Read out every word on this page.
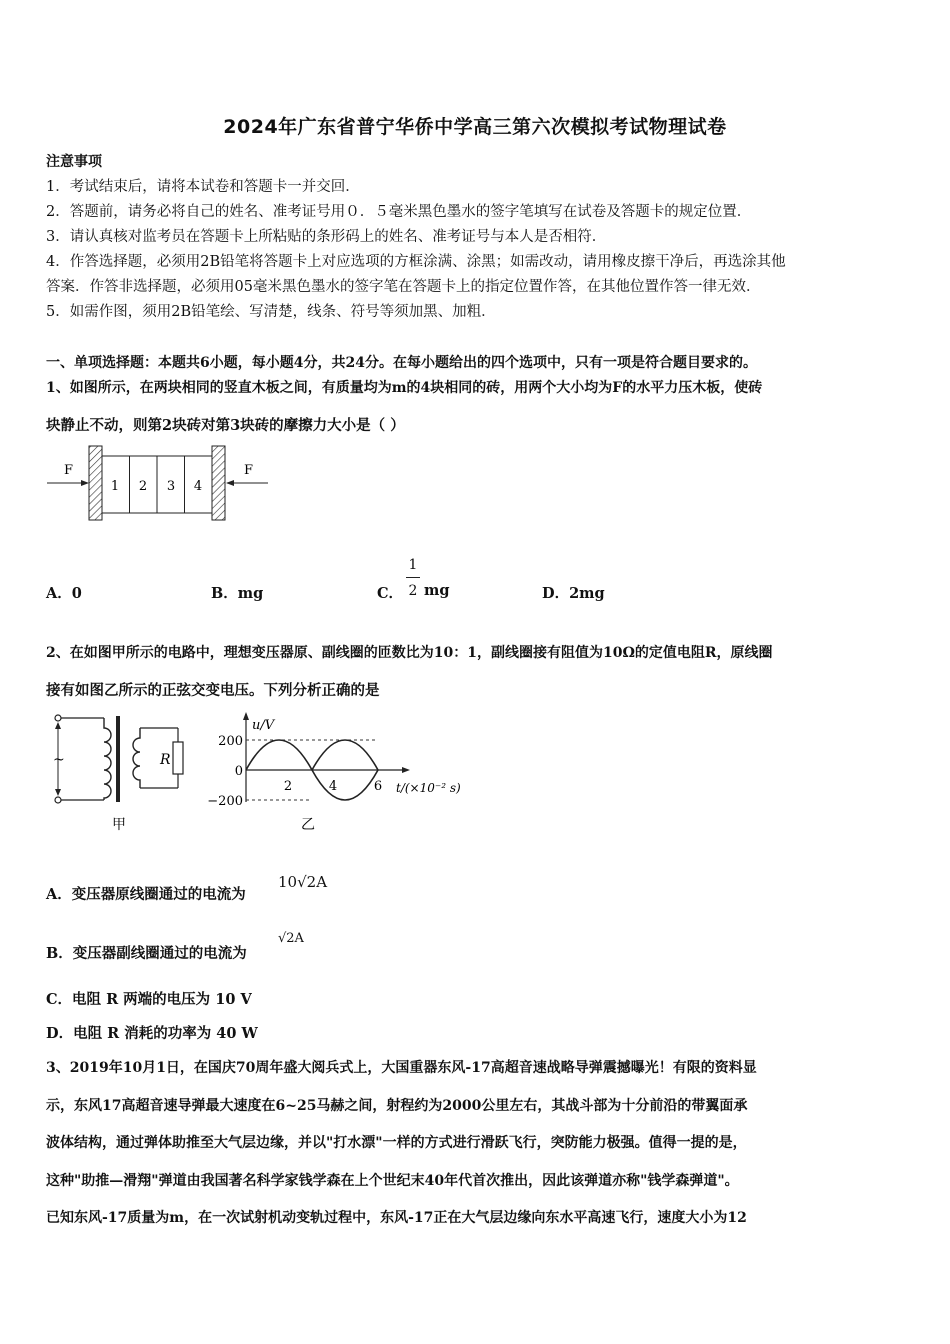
2024年广东省普宁华侨中学高三第六次模拟考试物理试卷
注意事项
1．考试结束后，请将本试卷和答题卡一并交回．
2．答题前，请务必将自己的姓名、准考证号用０．５毫米黑色墨水的签字笔填写在试卷及答题卡的规定位置．
3．请认真核对监考员在答题卡上所粘贴的条形码上的姓名、准考证号与本人是否相符．
4．作答选择题，必须用2B铅笔将答题卡上对应选项的方框涂满、涂黑；如需改动，请用橡皮擦干净后，再选涂其他
答案．作答非选择题，必须用05毫米黑色墨水的签字笔在答题卡上的指定位置作答，在其他位置作答一律无效．
5．如需作图，须用2B铅笔绘、写清楚，线条、符号等须加黑、加粗．
一、单项选择题：本题共6小题，每小题4分，共24分。在每小题给出的四个选项中，只有一项是符合题目要求的。
1、如图所示，在两块相同的竖直木板之间，有质量均为m的4块相同的砖，用两个大小均为F的水平力压木板，使砖
块静止不动，则第2块砖对第3块砖的摩擦力大小是（ ）
1 2 3 4
F	F
A．0	B．mg	C．
1
2 mg	D．2mg
2、在如图甲所示的电路中，理想变压器原、副线圈的匝数比为10：1，副线圈接有阻值为10Ω的定值电阻R，原线圈
接有如图乙所示的正弦交变电压。下列分析正确的是
~	R
甲
u/V
200
0
−200
2	4	6 t/(×10⁻² s)
乙
A．变压器原线圈通过的电流为
10√2A
B．变压器副线圈通过的电流为
√2A
C．电阻 R 两端的电压为 10 V
D．电阻 R 消耗的功率为 40 W
3、2019年10月1日，在国庆70周年盛大阅兵式上，大国重器东风-17高超音速战略导弹震撼曝光！有限的资料显
示，东风17高超音速导弹最大速度在6~25马赫之间，射程约为2000公里左右，其战斗部为十分前沿的带翼面承
波体结构，通过弹体助推至大气层边缘，并以"打水漂"一样的方式进行滑跃飞行，突防能力极强。值得一提的是，
这种"助推—滑翔"弹道由我国著名科学家钱学森在上个世纪末40年代首次推出，因此该弹道亦称"钱学森弹道"。
已知东风-17质量为m，在一次试射机动变轨过程中，东风-17正在大气层边缘向东水平高速飞行，速度大小为12
